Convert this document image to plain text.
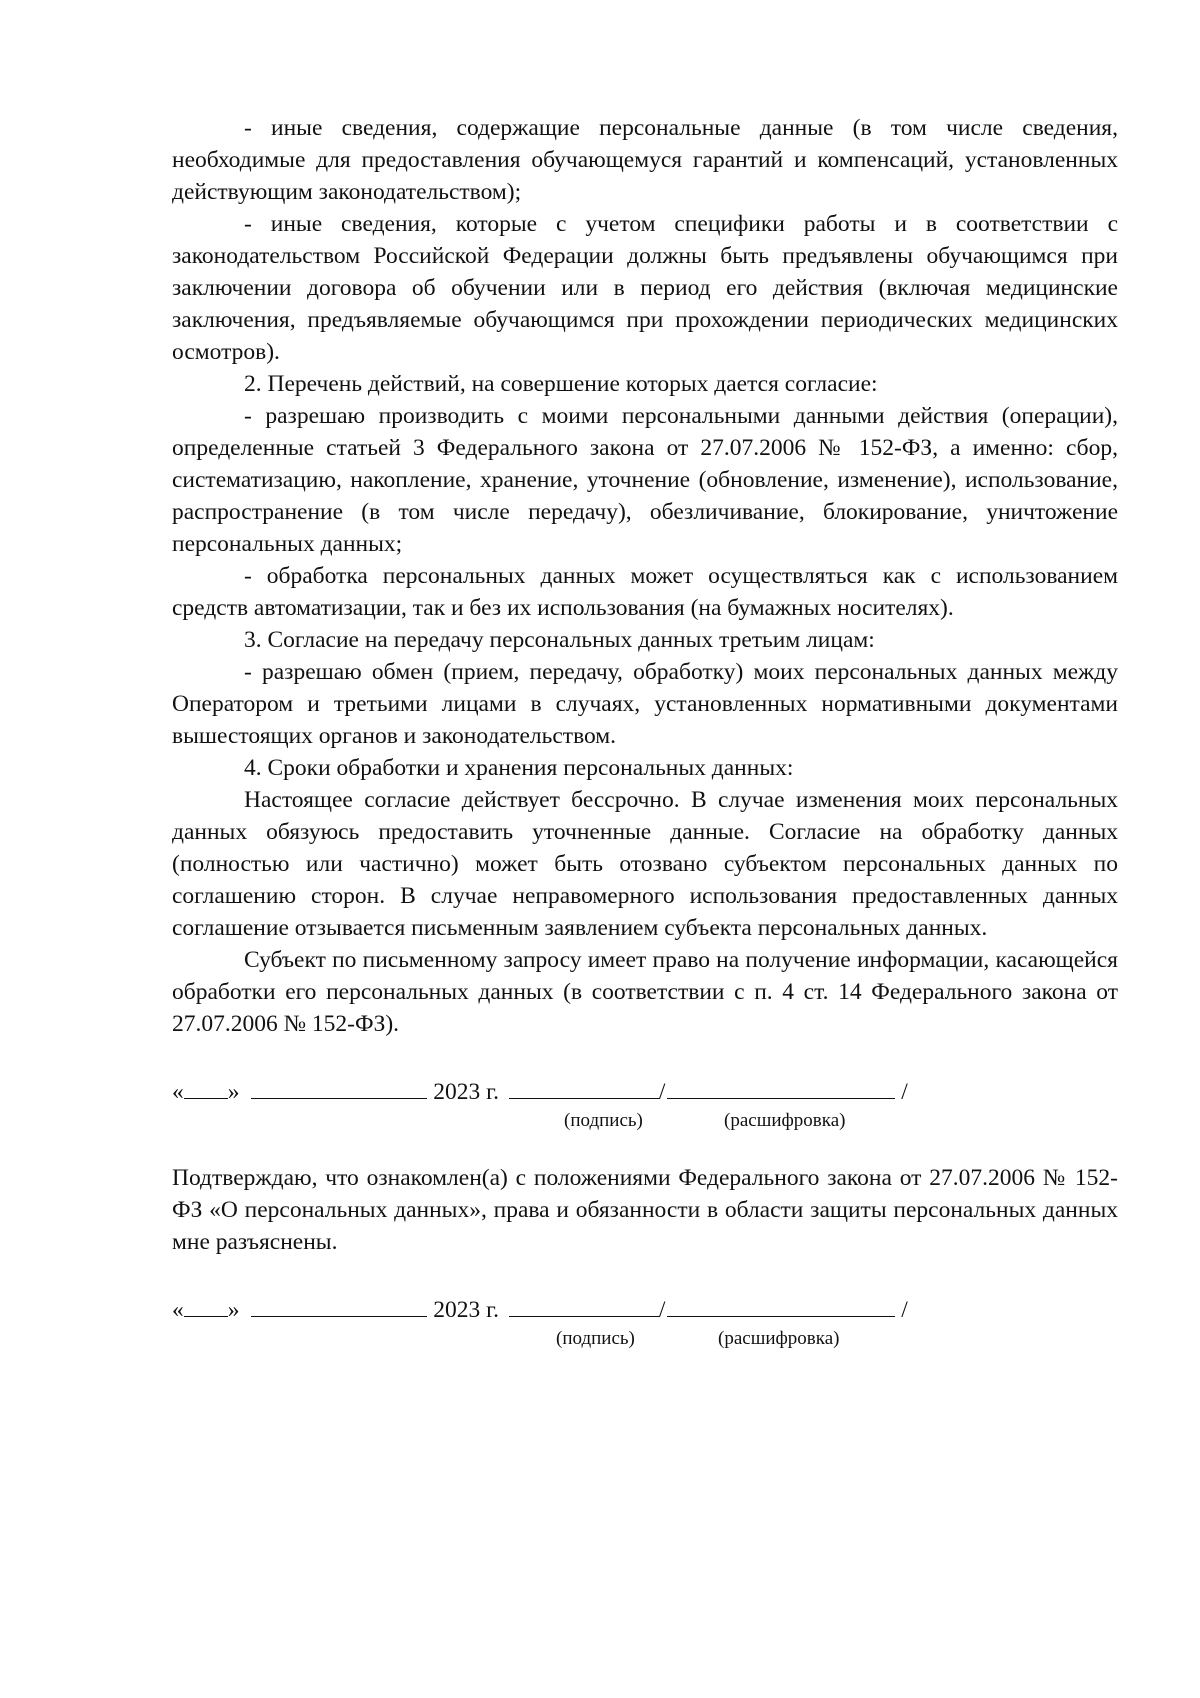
- иные сведения, содержащие персональные данные (в том числе сведения, необходимые для предоставления обучающемуся гарантий и компенсаций, установленных действующим законодательством);

- иные сведения, которые с учетом специфики работы и в соответствии с законодательством Российской Федерации должны быть предъявлены обучающимся при заключении договора об обучении или в период его действия (включая медицинские заключения, предъявляемые обучающимся при прохождении периодических медицинских осмотров).

2. Перечень действий, на совершение которых дается согласие:

- разрешаю производить с моими персональными данными действия (операции), определенные статьей 3 Федерального закона от 27.07.2006 № 152-ФЗ, а именно: сбор, систематизацию, накопление, хранение, уточнение (обновление, изменение), использование, распространение (в том числе передачу), обезличивание, блокирование, уничтожение персональных данных;

- обработка персональных данных может осуществляться как с использованием средств автоматизации, так и без их использования (на бумажных носителях).

3. Согласие на передачу персональных данных третьим лицам:

- разрешаю обмен (прием, передачу, обработку) моих персональных данных между Оператором и третьими лицами в случаях, установленных нормативными документами вышестоящих органов и законодательством.

4. Сроки обработки и хранения персональных данных:

Настоящее согласие действует бессрочно. В случае изменения моих персональных данных обязуюсь предоставить уточненные данные. Согласие на обработку данных (полностью или частично) может быть отозвано субъектом персональных данных по соглашению сторон. В случае неправомерного использования предоставленных данных соглашение отзывается письменным заявлением субъекта персональных данных.

Субъект по письменному запросу имеет право на получение информации, касающейся обработки его персональных данных (в соответствии с п. 4 ст. 14 Федерального закона от 27.07.2006 № 152-ФЗ).

« »	2023 г.	/	/
(подпись)	(расшифровка)

Подтверждаю, что ознакомлен(а) с положениями Федерального закона от 27.07.2006 № 152-ФЗ «О персональных данных», права и обязанности в области защиты персональных данных мне разъяснены.

« »	2023 г.	/	/
(подпись)	(расшифровка)
